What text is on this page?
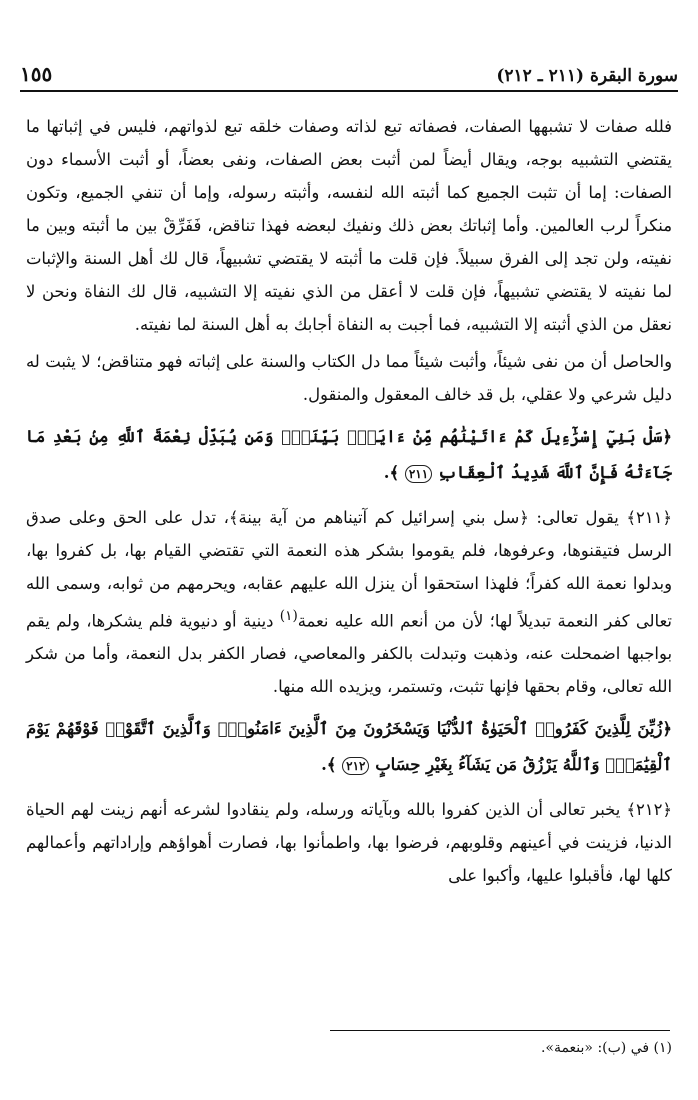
١٥٥	سورة البقرة (٢١١ ـ ٢١٢)

فلله صفات لا تشبهها الصفات، فصفاته تبع لذاته وصفات خلقه تبع لذواتهم، فليس في إثباتها ما يقتضي التشبيه بوجه، ويقال أيضاً لمن أثبت بعض الصفات، ونفى بعضاً، أو أثبت الأسماء دون الصفات: إما أن تثبت الجميع كما أثبته الله لنفسه، وأثبته رسوله، وإما أن تنفي الجميع، وتكون منكراً لرب العالمين. وأما إثباتك بعض ذلك ونفيك لبعضه فهذا تناقض، فَفَرِّقْ بين ما أثبته وبين ما نفيته، ولن تجد إلى الفرق سبيلاً. فإن قلت ما أثبته لا يقتضي تشبيهاً، قال لك أهل السنة والإثبات لما نفيته لا يقتضي تشبيهاً، فإن قلت لا أعقل من الذي نفيته إلا التشبيه، قال لك النفاة ونحن لا نعقل من الذي أثبته إلا التشبيه، فما أجبت به النفاة أجابك به أهل السنة لما نفيته.

والحاصل أن من نفى شيئاً، وأثبت شيئاً مما دل الكتاب والسنة على إثباته فهو متناقض؛ لا يثبت له دليل شرعي ولا عقلي، بل قد خالف المعقول والمنقول.

﴿سَلْ بَنِيٓ إِسْرَٰٓءِيلَ كَمْ ءَاتَيْنَٰهُم مِّنْ ءَايَةٍۭ بَيِّنَةٍۗ وَمَن يُبَدِّلْ نِعْمَةَ ٱللَّهِ مِنۢ بَعْدِ مَا جَآءَتْهُ فَإِنَّ ٱللَّهَ شَدِيدُ ٱلْعِقَابِ ٢١١ ﴾.

﴿٢١١﴾ يقول تعالى: ﴿سل بني إسرائيل كم آتيناهم من آية بينة﴾، تدل على الحق وعلى صدق الرسل فتيقنوها، وعرفوها، فلم يقوموا بشكر هذه النعمة التي تقتضي القيام بها، بل كفروا بها، وبدلوا نعمة الله كفراً؛ فلهذا استحقوا أن ينزل الله عليهم عقابه، ويحرمهم من ثوابه، وسمى الله تعالى كفر النعمة تبديلاً لها؛ لأن من أنعم الله عليه نعمة$^{(١)}$ دينية أو دنيوية فلم يشكرها، ولم يقم بواجبها اضمحلت عنه، وذهبت وتبدلت بالكفر والمعاصي، فصار الكفر بدل النعمة، وأما من شكر الله تعالى، وقام بحقها فإنها تثبت، وتستمر، ويزيده الله منها.

﴿زُيِّنَ لِلَّذِينَ كَفَرُوا۟ ٱلْحَيَوٰةُ ٱلدُّنْيَا وَيَسْخَرُونَ مِنَ ٱلَّذِينَ ءَامَنُوا۟ۘ وَٱلَّذِينَ ٱتَّقَوْا۟ فَوْقَهُمْ يَوْمَ ٱلْقِيَٰمَةِۗ وَٱللَّهُ يَرْزُقُ مَن يَشَآءُ بِغَيْرِ حِسَابٍ ٢١٢ ﴾.

﴿٢١٢﴾ يخبر تعالى أن الذين كفروا بالله وبآياته ورسله، ولم ينقادوا لشرعه أنهم زينت لهم الحياة الدنيا، فزينت في أعينهم وقلوبهم، فرضوا بها، واطمأنوا بها، فصارت أهواؤهم وإراداتهم وأعمالهم كلها لها، فأقبلوا عليها، وأكبوا على

(١) في (ب): «بنعمة».
